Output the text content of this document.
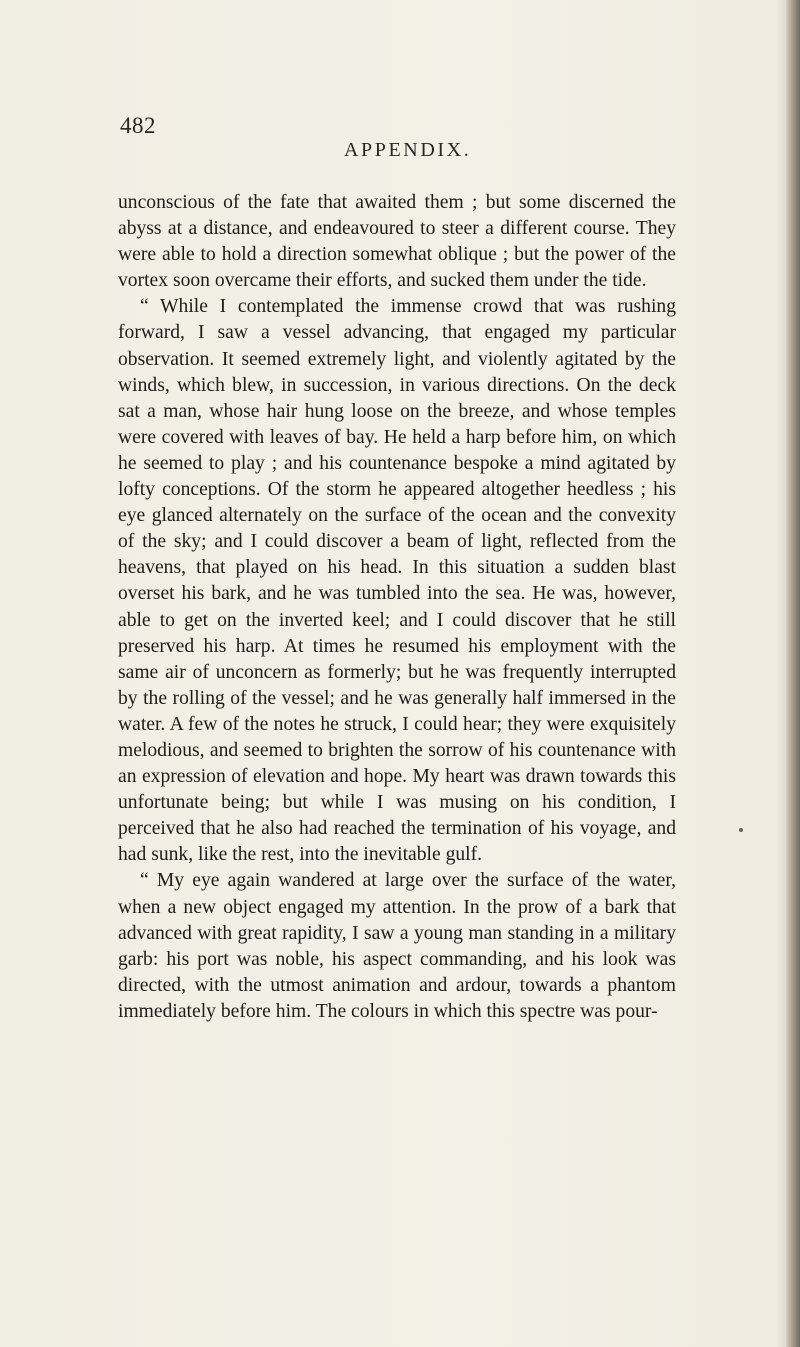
482
APPENDIX.

unconscious of the fate that awaited them ; but some discerned the abyss at a distance, and endeavoured to steer a different course. They were able to hold a direction somewhat oblique ; but the power of the vortex soon overcame their efforts, and sucked them under the tide.

“ While I contemplated the immense crowd that was rushing forward, I saw a vessel advancing, that engaged my particular observation. It seemed extremely light, and violently agitated by the winds, which blew, in succession, in various directions. On the deck sat a man, whose hair hung loose on the breeze, and whose temples were covered with leaves of bay. He held a harp before him, on which he seemed to play ; and his countenance bespoke a mind agitated by lofty conceptions. Of the storm he appeared altogether heedless ; his eye glanced alternately on the surface of the ocean and the convexity of the sky; and I could discover a beam of light, reflected from the heavens, that played on his head. In this situation a sudden blast overset his bark, and he was tumbled into the sea. He was, however, able to get on the inverted keel; and I could discover that he still preserved his harp. At times he resumed his employment with the same air of unconcern as formerly; but he was frequently interrupted by the rolling of the vessel; and he was generally half immersed in the water. A few of the notes he struck, I could hear; they were exquisitely melodious, and seemed to brighten the sorrow of his countenance with an expression of elevation and hope. My heart was drawn towards this unfortunate being; but while I was musing on his condition, I perceived that he also had reached the termination of his voyage, and had sunk, like the rest, into the inevitable gulf.

“ My eye again wandered at large over the surface of the water, when a new object engaged my attention. In the prow of a bark that advanced with great rapidity, I saw a young man standing in a military garb: his port was noble, his aspect commanding, and his look was directed, with the utmost animation and ardour, towards a phantom immediately before him. The colours in which this spectre was pour-
